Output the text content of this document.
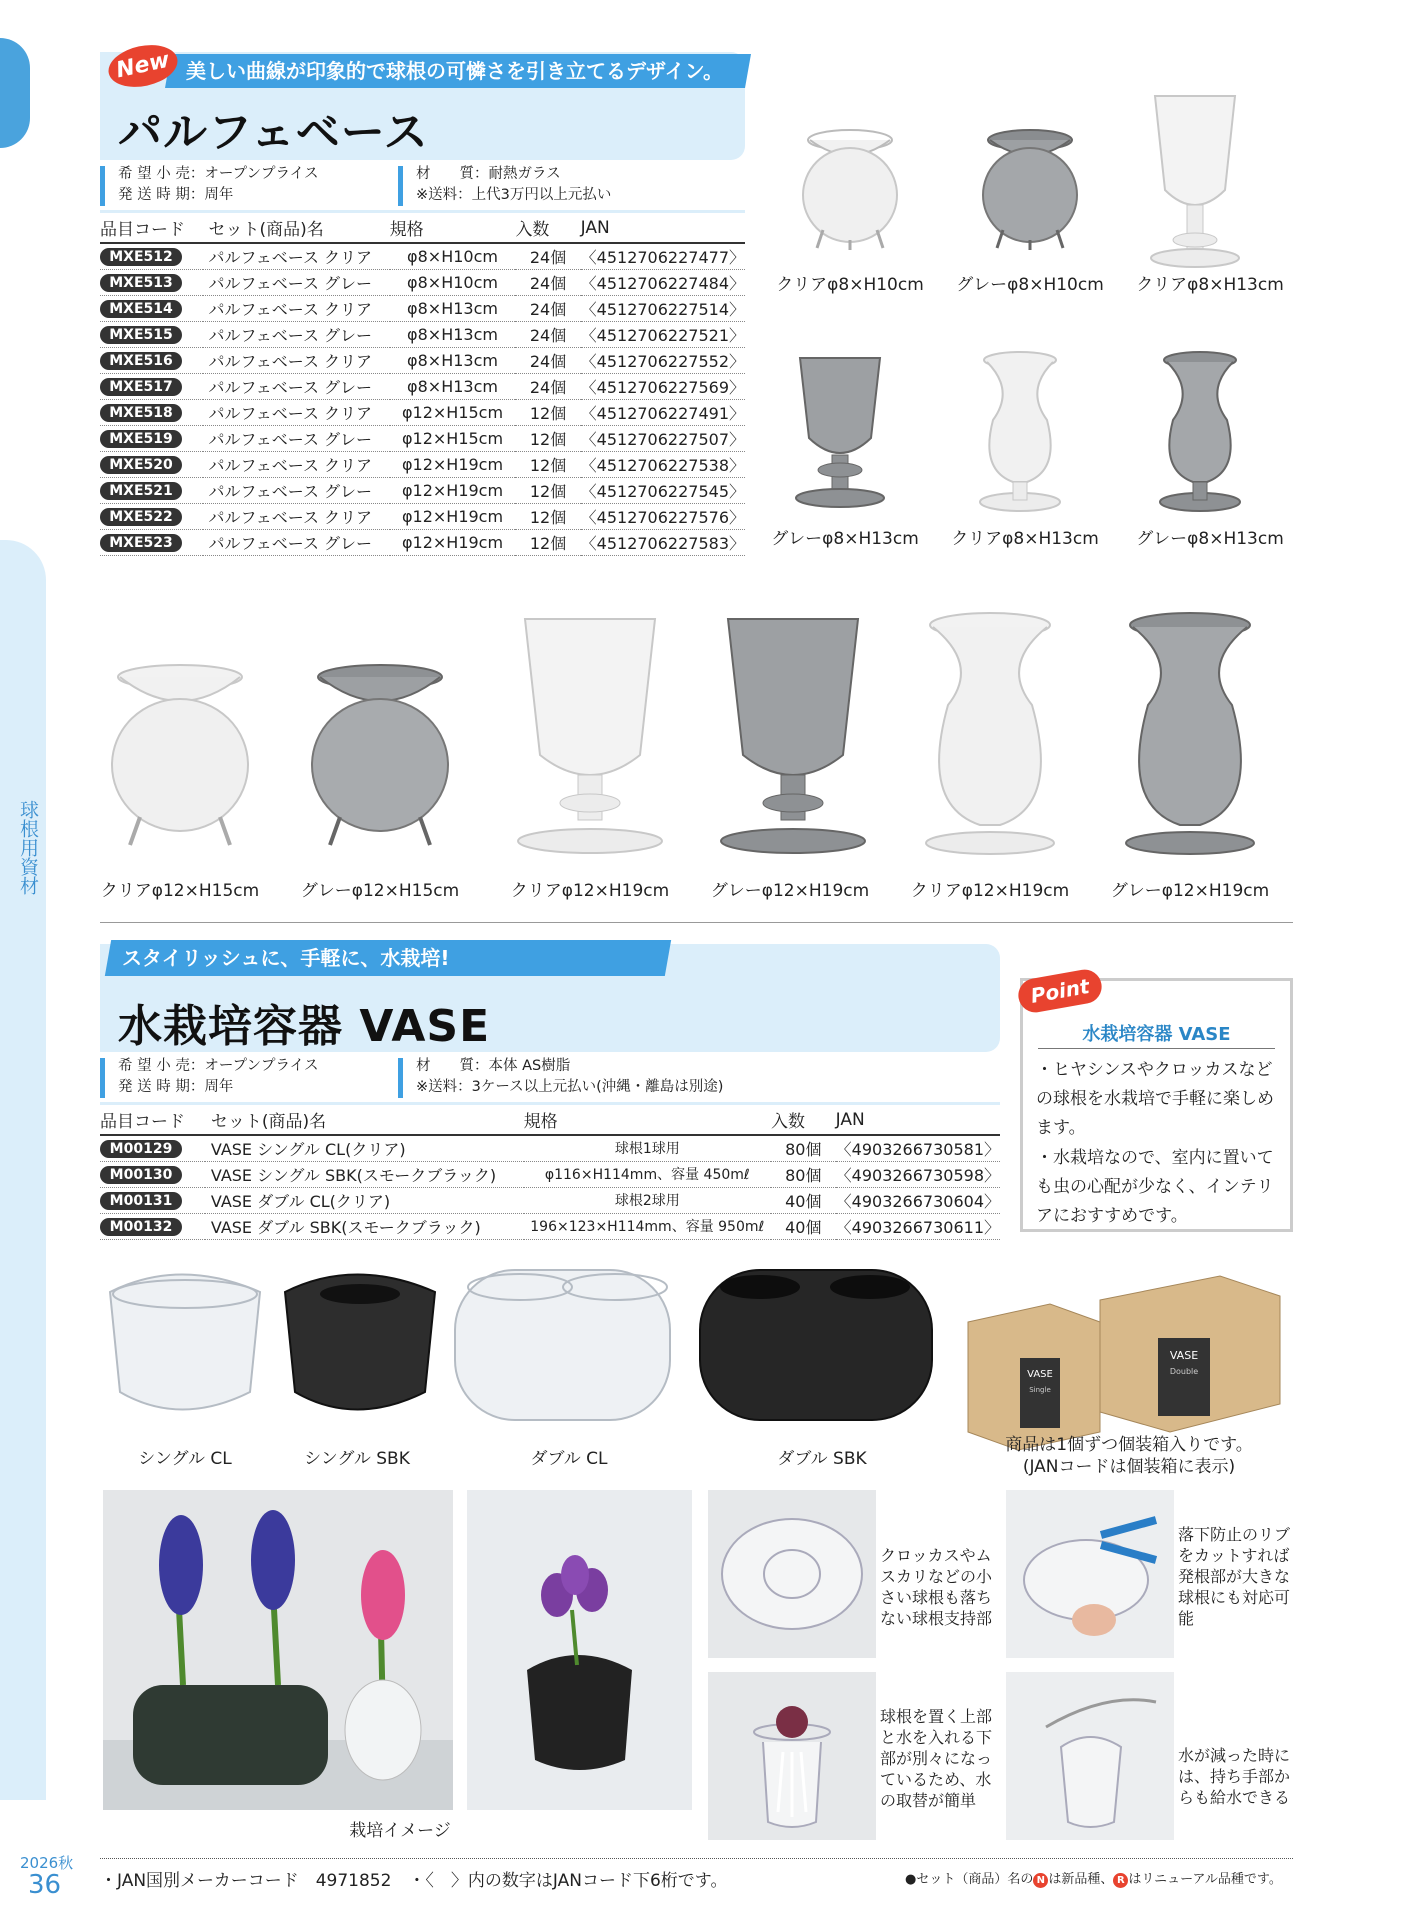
球根用資材
2026秋
36
美しい曲線が印象的で球根の可憐さを引き立てるデザイン。
New
パルフェベース
希 望 小 売：オープンプライス
発 送 時 期：周年
材　　質：耐熱ガラス
※送料：上代3万円以上元払い
品目コード	セット(商品)名	規格	入数	JAN
MXE512	パルフェベース クリア	φ8×H10cm	24個	〈4512706227477〉
MXE513	パルフェベース グレー	φ8×H10cm	24個	〈4512706227484〉
MXE514	パルフェベース クリア	φ8×H13cm	24個	〈4512706227514〉
MXE515	パルフェベース グレー	φ8×H13cm	24個	〈4512706227521〉
MXE516	パルフェベース クリア	φ8×H13cm	24個	〈4512706227552〉
MXE517	パルフェベース グレー	φ8×H13cm	24個	〈4512706227569〉
MXE518	パルフェベース クリア	φ12×H15cm	12個	〈4512706227491〉
MXE519	パルフェベース グレー	φ12×H15cm	12個	〈4512706227507〉
MXE520	パルフェベース クリア	φ12×H19cm	12個	〈4512706227538〉
MXE521	パルフェベース グレー	φ12×H19cm	12個	〈4512706227545〉
MXE522	パルフェベース クリア	φ12×H19cm	12個	〈4512706227576〉
MXE523	パルフェベース グレー	φ12×H19cm	12個	〈4512706227583〉
クリアφ8×H10cm グレーφ8×H10cm クリアφ8×H13cm
グレーφ8×H13cm クリアφ8×H13cm グレーφ8×H13cm
クリアφ12×H15cm グレーφ12×H15cm	クリアφ12×H19cm	グレーφ12×H19cm	クリアφ12×H19cm	グレーφ12×H19cm
スタイリッシュに、手軽に、水栽培!
水栽培容器 VASE
希 望 小 売：オープンプライス
発 送 時 期：周年
材　　質：本体 AS樹脂
※送料：3ケース以上元払い(沖縄・離島は別途)
品目コード	セット(商品)名	規格	入数	JAN
M00129	VASE シングル CL(クリア)	球根1球用	80個	〈4903266730581〉
M00130	VASE シングル SBK(スモークブラック)	φ116×H114mm、容量 450mℓ	80個	〈4903266730598〉
M00131	VASE ダブル CL(クリア)	球根2球用	40個	〈4903266730604〉
M00132	VASE ダブル SBK(スモークブラック)	196×123×H114mm、容量 950mℓ	40個	〈4903266730611〉
Point
水栽培容器 VASE
・ヒヤシンスやクロッカスなどの球根を水栽培で手軽に楽しめます。
・水栽培なので、室内に置いても虫の心配が少なく、インテリアにおすすめです。
VASE
Single
VASE
Double
シングル CL	シングル SBK	ダブル CL	ダブル SBK
商品は1個ずつ個装箱入りです。
(JANコードは個装箱に表示)
栽培イメージ
クロッカスやムスカリなどの小さい球根も落ちない球根支持部
落下防止のリブをカットすれば発根部が大きな球根にも対応可能
球根を置く上部と水を入れる下部が別々になっているため、水の取替が簡単
水が減った時には、持ち手部からも給水できる
・JAN国別メーカーコード　4971852　・〈　〉内の数字はJANコード下6桁です。	●セット（商品）名の N は新品種、 R はリニューアル品種です。
